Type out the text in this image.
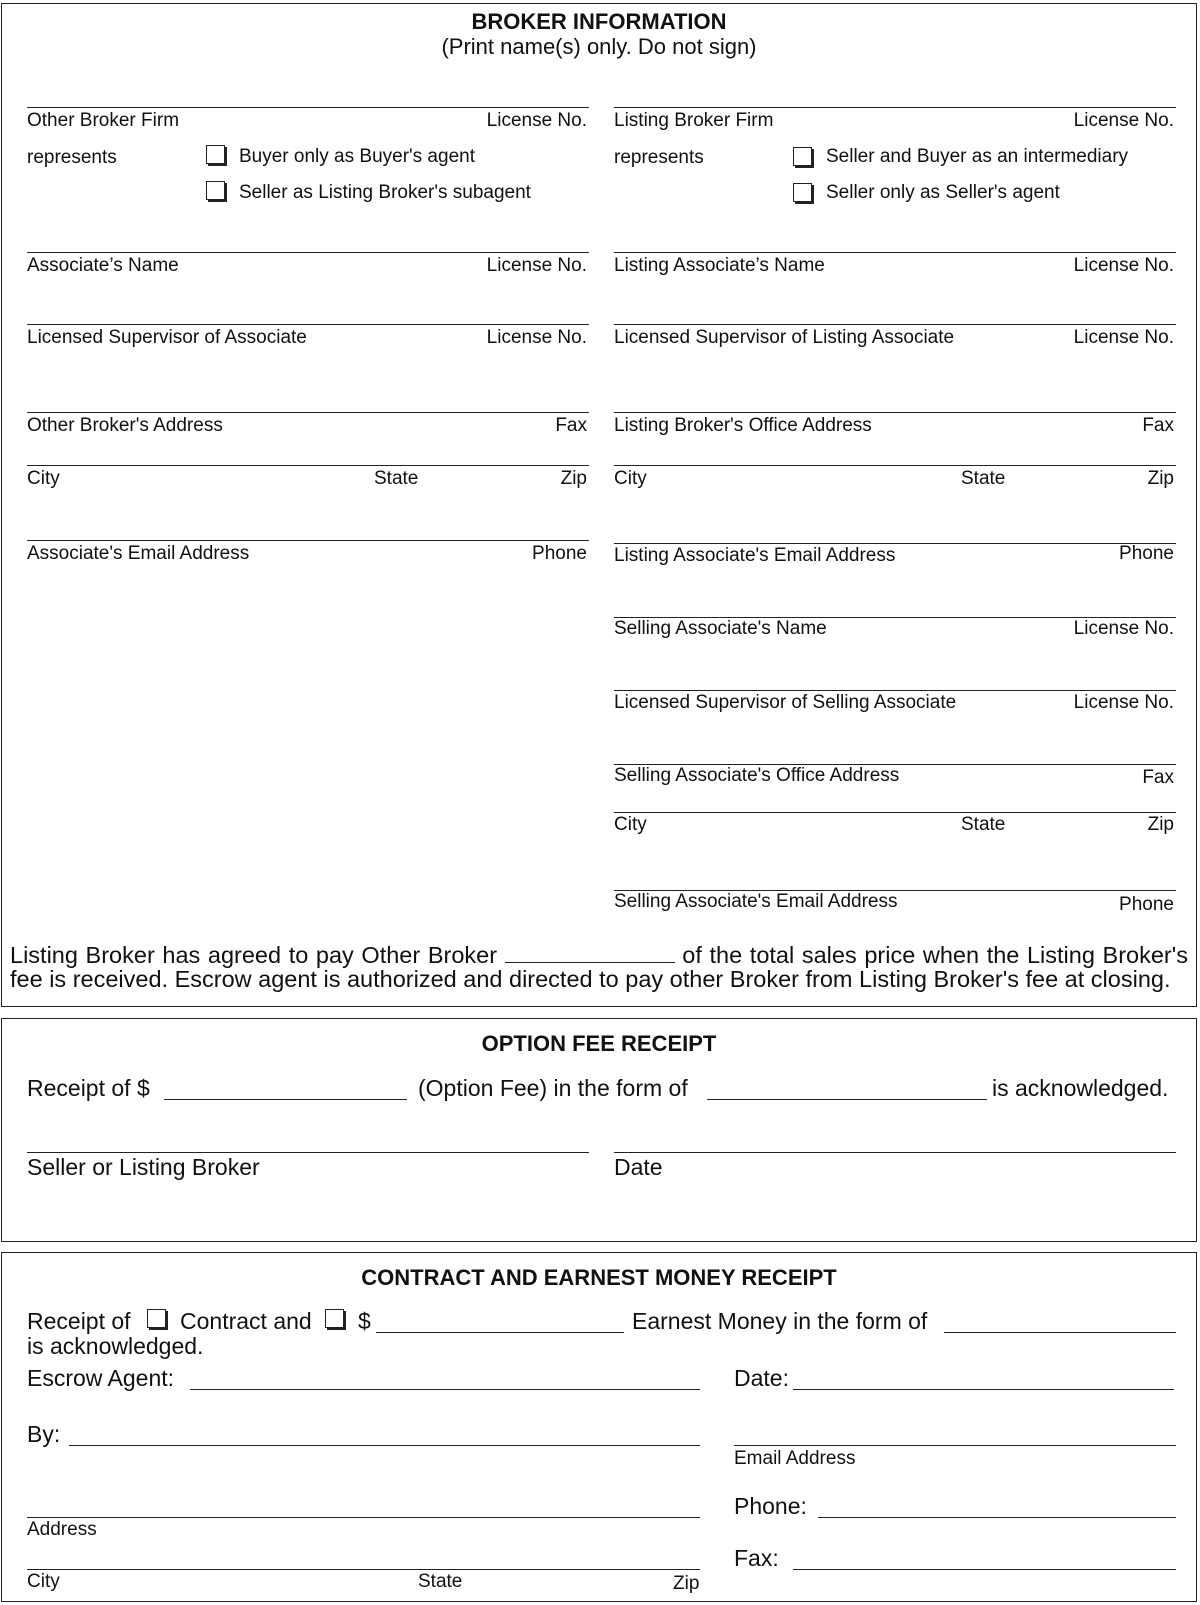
BROKER INFORMATION
(Print name(s) only. Do not sign)
Other Broker Firm	License No.
represents	Buyer only as Buyer's agent
Seller as Listing Broker's subagent
Associate’s Name	License No.
Licensed Supervisor of Associate	License No.
Other Broker's Address	Fax
City	State	Zip
Associate's Email Address	Phone
Listing Broker Firm	License No.
represents	Seller and Buyer as an intermediary
Seller only as Seller's agent
Listing Associate’s Name	License No.
Licensed Supervisor of Listing Associate	License No.
Listing Broker's Office Address	Fax
City	State	Zip
Listing Associate's Email Address	Phone
Selling Associate's Name	License No.
Licensed Supervisor of Selling Associate	License No.
Selling Associate's Office Address	Fax
City	State	Zip
Selling Associate's Email Address	Phone
Listing Broker has agreed to pay Other Broker	of the total sales price when the Listing Broker's fee is received. Escrow agent is authorized and directed to pay other Broker from Listing Broker's fee at closing.
OPTION FEE RECEIPT
Receipt of $	(Option Fee) in the form of	is acknowledged.
Seller or Listing Broker	Date
CONTRACT AND EARNEST MONEY RECEIPT
Receipt of Contract and $	Earnest Money in the form of
is acknowledged.
Escrow Agent:	Date:
By:
Email Address
Address
Phone:
City	State	Zip
Fax:
